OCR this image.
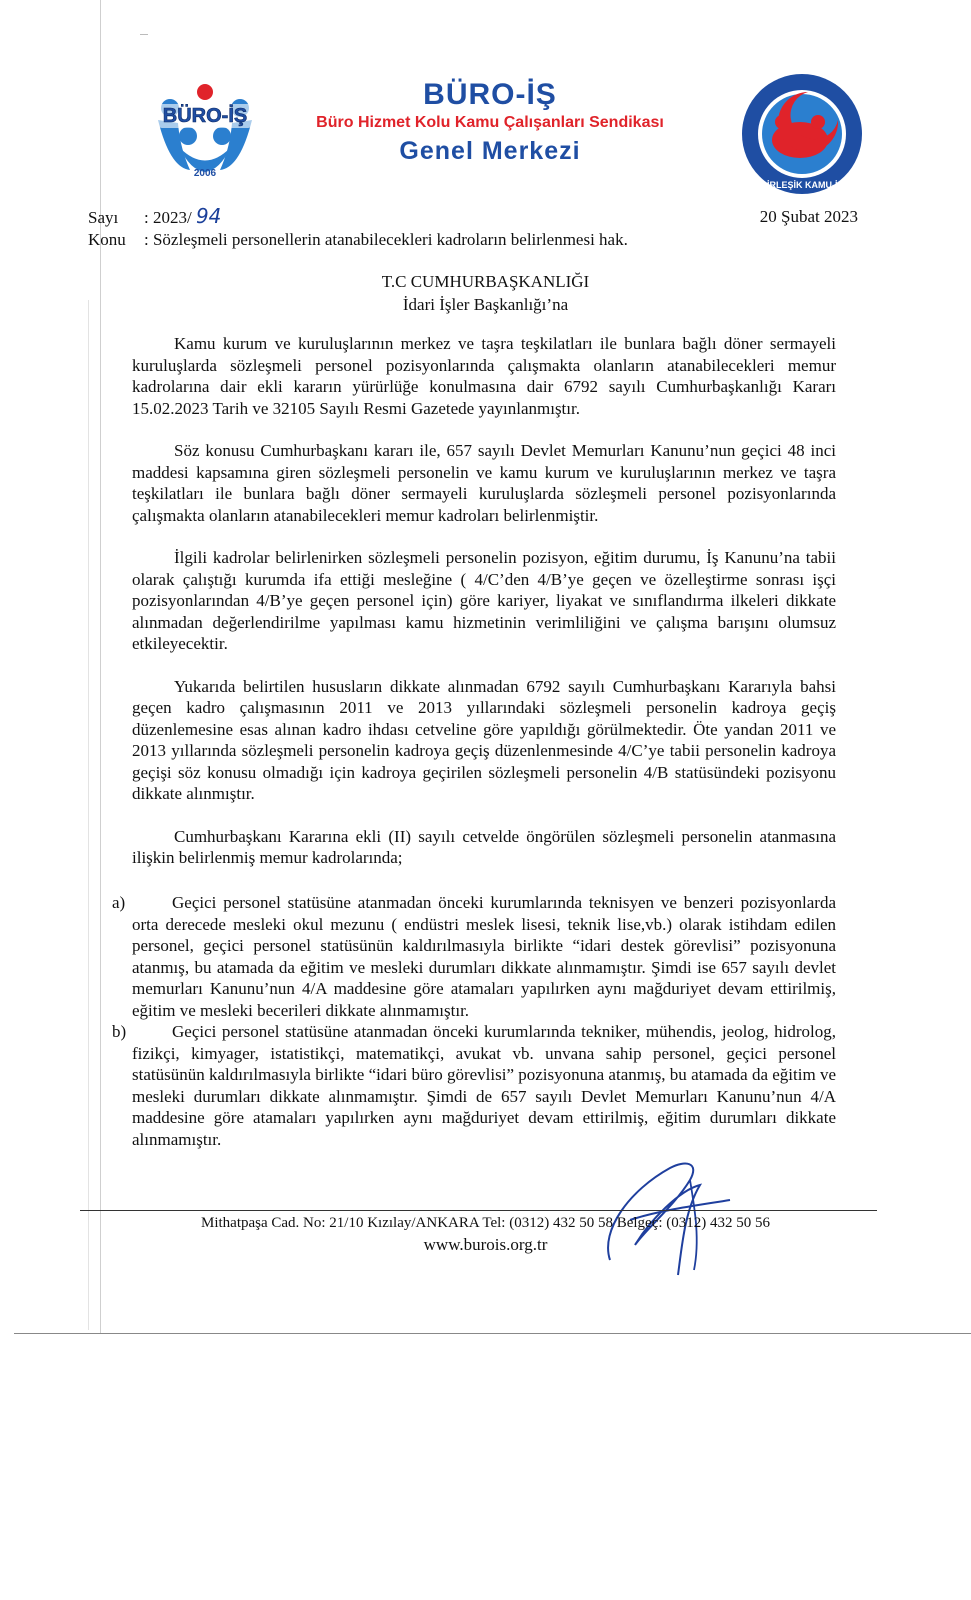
BÜRO-İŞ
2006
BÜRO-İŞ
Büro Hizmet Kolu Kamu Çalışanları Sendikası
Genel Merkezi
BİRLEŞİK KAMU-İŞ
Sayı : 2023/ 94	20 Şubat 2023
Konu : Sözleşmeli personellerin atanabilecekleri kadroların belirlenmesi hak.
T.C CUMHURBAŞKANLIĞI
İdari İşler Başkanlığı’na

Kamu kurum ve kuruluşlarının merkez ve taşra teşkilatları ile bunlara bağlı döner sermayeli kuruluşlarda sözleşmeli personel pozisyonlarında çalışmakta olanların atanabilecekleri memur kadrolarına dair ekli kararın yürürlüğe konulmasına dair 6792 sayılı Cumhurbaşkanlığı Kararı 15.02.2023 Tarih ve 32105 Sayılı Resmi Gazetede yayınlanmıştır.

Söz konusu Cumhurbaşkanı kararı ile, 657 sayılı Devlet Memurları Kanunu’nun geçici 48 inci maddesi kapsamına giren sözleşmeli personelin ve kamu kurum ve kuruluşlarının merkez ve taşra teşkilatları ile bunlara bağlı döner sermayeli kuruluşlarda sözleşmeli personel pozisyonlarında çalışmakta olanların atanabilecekleri memur kadroları belirlenmiştir.

İlgili kadrolar belirlenirken sözleşmeli personelin pozisyon, eğitim durumu, İş Kanunu’na tabii olarak çalıştığı kurumda ifa ettiği mesleğine ( 4/C’den 4/B’ye geçen ve özelleştirme sonrası işçi pozisyonlarından 4/B’ye geçen personel için) göre kariyer, liyakat ve sınıflandırma ilkeleri dikkate alınmadan değerlendirilme yapılması kamu hizmetinin verimliliğini ve çalışma barışını olumsuz etkileyecektir.

Yukarıda belirtilen hususların dikkate alınmadan 6792 sayılı Cumhurbaşkanı Kararıyla bahsi geçen kadro çalışmasının 2011 ve 2013 yıllarındaki sözleşmeli personelin kadroya geçiş düzenlemesine esas alınan kadro ihdası cetveline göre yapıldığı görülmektedir. Öte yandan 2011 ve 2013 yıllarında sözleşmeli personelin kadroya geçiş düzenlenmesinde 4/C’ye tabii personelin kadroya geçişi söz konusu olmadığı için kadroya geçirilen sözleşmeli personelin 4/B statüsündeki pozisyonu dikkate alınmıştır.

Cumhurbaşkanı Kararına ekli (II) sayılı cetvelde öngörülen sözleşmeli personelin atanmasına ilişkin belirlenmiş memur kadrolarında;

a)	Geçici personel statüsüne atanmadan önceki kurumlarında teknisyen ve benzeri pozisyonlarda orta derecede mesleki okul mezunu ( endüstri meslek lisesi, teknik lise,vb.) olarak istihdam edilen personel, geçici personel statüsünün kaldırılmasıyla birlikte “idari destek görevlisi” pozisyonuna atanmış, bu atamada da eğitim ve mesleki durumları dikkate alınmamıştır. Şimdi ise 657 sayılı devlet memurları Kanunu’nun 4/A maddesine göre atamaları yapılırken aynı mağduriyet devam ettirilmiş, eğitim ve mesleki becerileri dikkate alınmamıştır.
b)	Geçici personel statüsüne atanmadan önceki kurumlarında tekniker, mühendis, jeolog, hidrolog, fizikçi, kimyager, istatistikçi, matematikçi, avukat vb. unvana sahip personel, geçici personel statüsünün kaldırılmasıyla birlikte “idari büro görevlisi” pozisyonuna atanmış, bu atamada da eğitim ve mesleki durumları dikkate alınmamıştır. Şimdi de 657 sayılı Devlet Memurları Kanunu’nun 4/A maddesine göre atamaları yapılırken aynı mağduriyet devam ettirilmiş, eğitim durumları dikkate alınmamıştır.
Mithatpaşa Cad. No: 21/10 Kızılay/ANKARA Tel: (0312) 432 50 58 Belgeç: (0312) 432 50 56
www.burois.org.tr
